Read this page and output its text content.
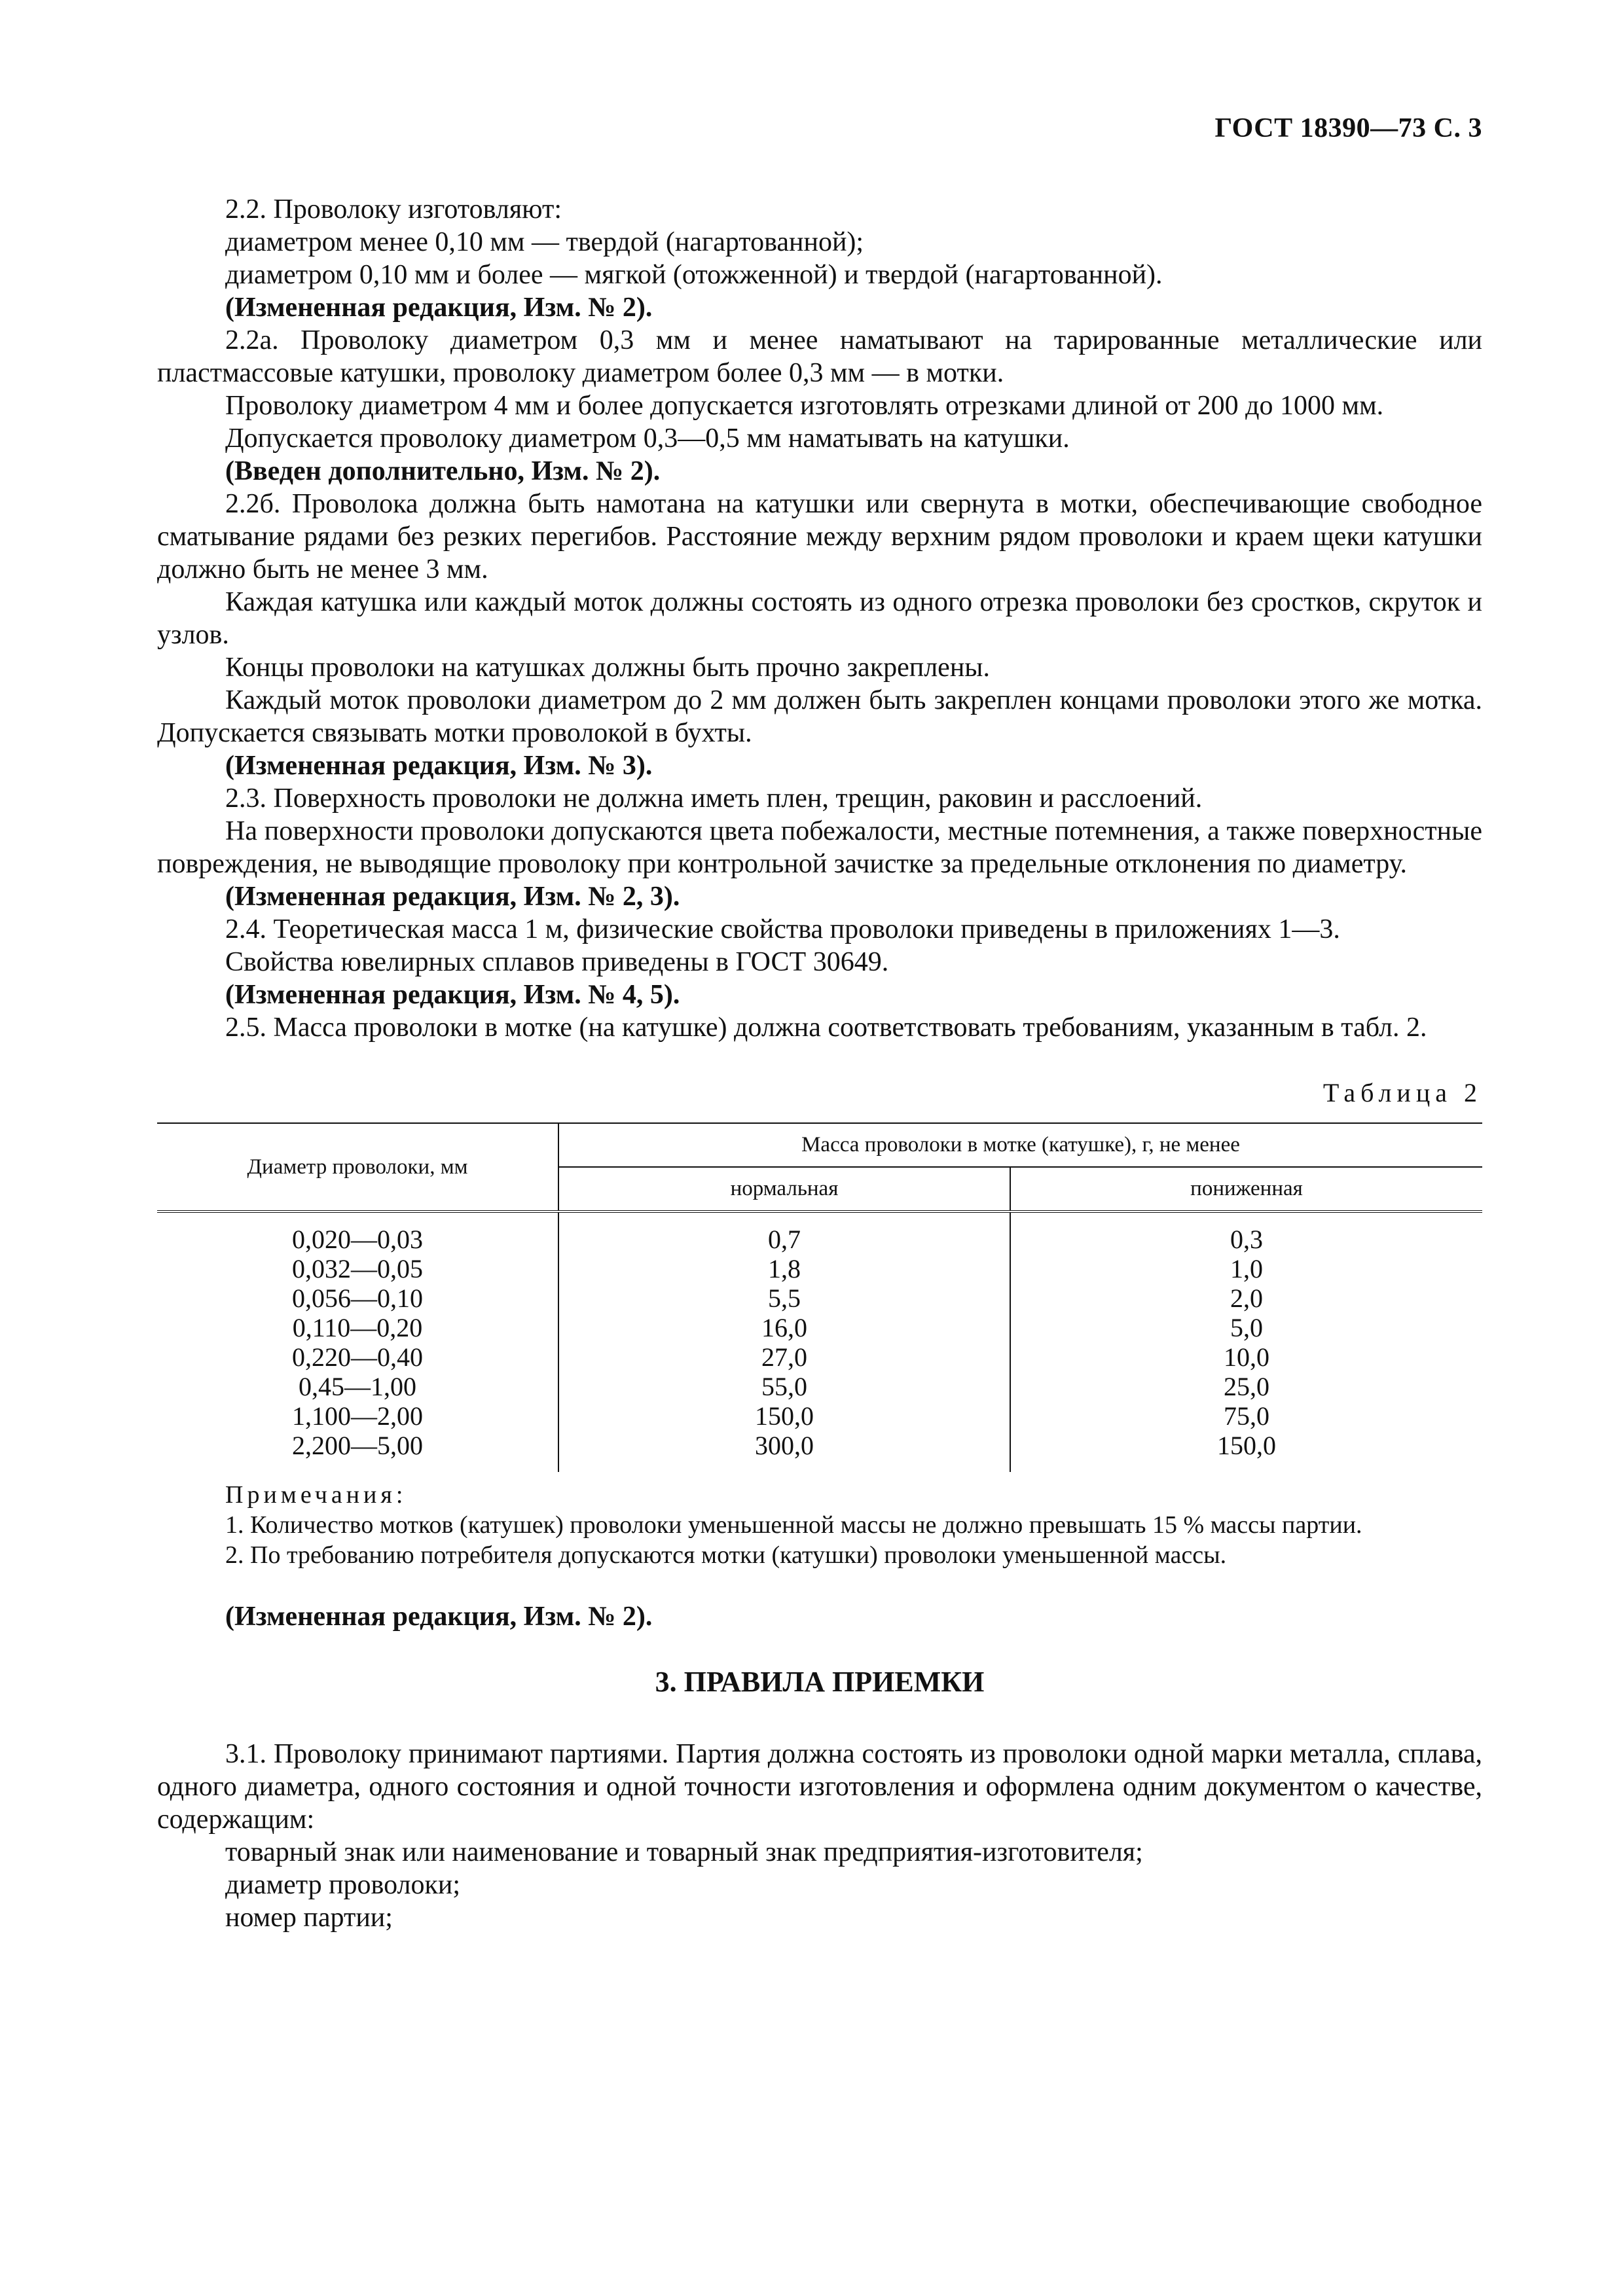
ГОСТ 18390—73 С. 3

2.2. Проволоку изготовляют:

диаметром менее 0,10 мм — твердой (нагартованной);

диаметром 0,10 мм и более — мягкой (отожженной) и твердой (нагартованной).

(Измененная редакция, Изм. № 2).

2.2а. Проволоку диаметром 0,3 мм и менее наматывают на тарированные металлические или пластмассовые катушки, проволоку диаметром более 0,3 мм — в мотки.

Проволоку диаметром 4 мм и более допускается изготовлять отрезками длиной от 200 до 1000 мм.

Допускается проволоку диаметром 0,3—0,5 мм наматывать на катушки.

(Введен дополнительно, Изм. № 2).

2.2б. Проволока должна быть намотана на катушки или свернута в мотки, обеспечивающие свободное сматывание рядами без резких перегибов. Расстояние между верхним рядом проволоки и краем щеки катушки должно быть не менее 3 мм.

Каждая катушка или каждый моток должны состоять из одного отрезка проволоки без сростков, скруток и узлов.

Концы проволоки на катушках должны быть прочно закреплены.

Каждый моток проволоки диаметром до 2 мм должен быть закреплен концами проволоки этого же мотка. Допускается связывать мотки проволокой в бухты.

(Измененная редакция, Изм. № 3).

2.3. Поверхность проволоки не должна иметь плен, трещин, раковин и расслоений.

На поверхности проволоки допускаются цвета побежалости, местные потемнения, а также поверхностные повреждения, не выводящие проволоку при контрольной зачистке за предельные отклонения по диаметру.

(Измененная редакция, Изм. № 2, 3).

2.4. Теоретическая масса 1 м, физические свойства проволоки приведены в приложениях 1—3.

Свойства ювелирных сплавов приведены в ГОСТ 30649.

(Измененная редакция, Изм. № 4, 5).

2.5. Масса проволоки в мотке (на катушке) должна соответствовать требованиям, указанным в табл. 2.

Таблица 2
Диаметр проволоки, мм	Масса проволоки в мотке (катушке), г, не менее	
	нормальная	пониженная
0,020—0,03	0,7	0,3
0,032—0,05	1,8	1,0
0,056—0,10	5,5	2,0
0,110—0,20	16,0	5,0
0,220—0,40	27,0	10,0
0,45—1,00	55,0	25,0
1,100—2,00	150,0	75,0
2,200—5,00	300,0	150,0

Примечания:

1. Количество мотков (катушек) проволоки уменьшенной массы не должно превышать 15 % массы партии.

2. По требованию потребителя допускаются мотки (катушки) проволоки уменьшенной массы.

(Измененная редакция, Изм. № 2).

3. ПРАВИЛА ПРИЕМКИ

3.1. Проволоку принимают партиями. Партия должна состоять из проволоки одной марки металла, сплава, одного диаметра, одного состояния и одной точности изготовления и оформлена одним документом о качестве, содержащим:

товарный знак или наименование и товарный знак предприятия-изготовителя;

диаметр проволоки;

номер партии;
